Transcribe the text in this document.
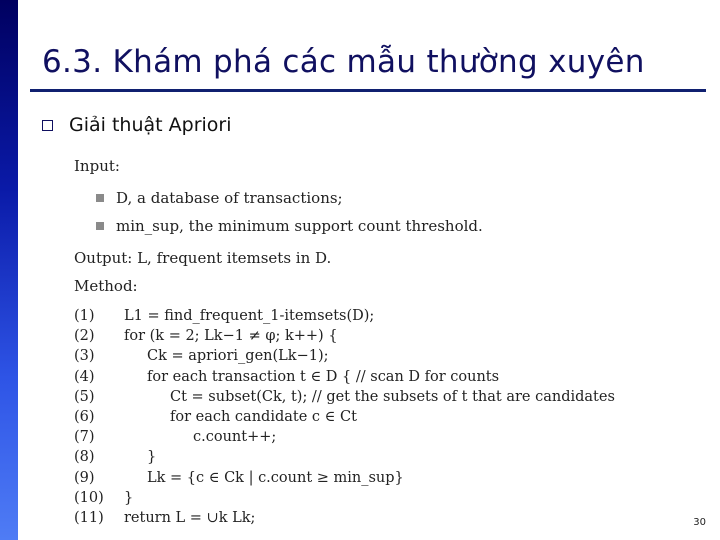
6.3. Khám phá các mẫu thường xuyên
Giải thuật Apriori
Input:
D, a database of transactions;
min_sup, the minimum support count threshold.
Output: L, frequent itemsets in D.
Method:
(1)	L1 = find_frequent_1-itemsets(D);
(2)	for (k = 2; Lk−1 ≠ φ; k++) {
(3)	Ck = apriori_gen(Lk−1);
(4)	for each transaction t ∈ D { // scan D for counts
(5)	Ct = subset(Ck, t); // get the subsets of t that are candidates
(6)	for each candidate c ∈ Ct
(7)	c.count++;
(8)	}
(9)	Lk = {c ∈ Ck | c.count ≥ min_sup}
(10)	}
(11)	return L = ∪k Lk;	30
